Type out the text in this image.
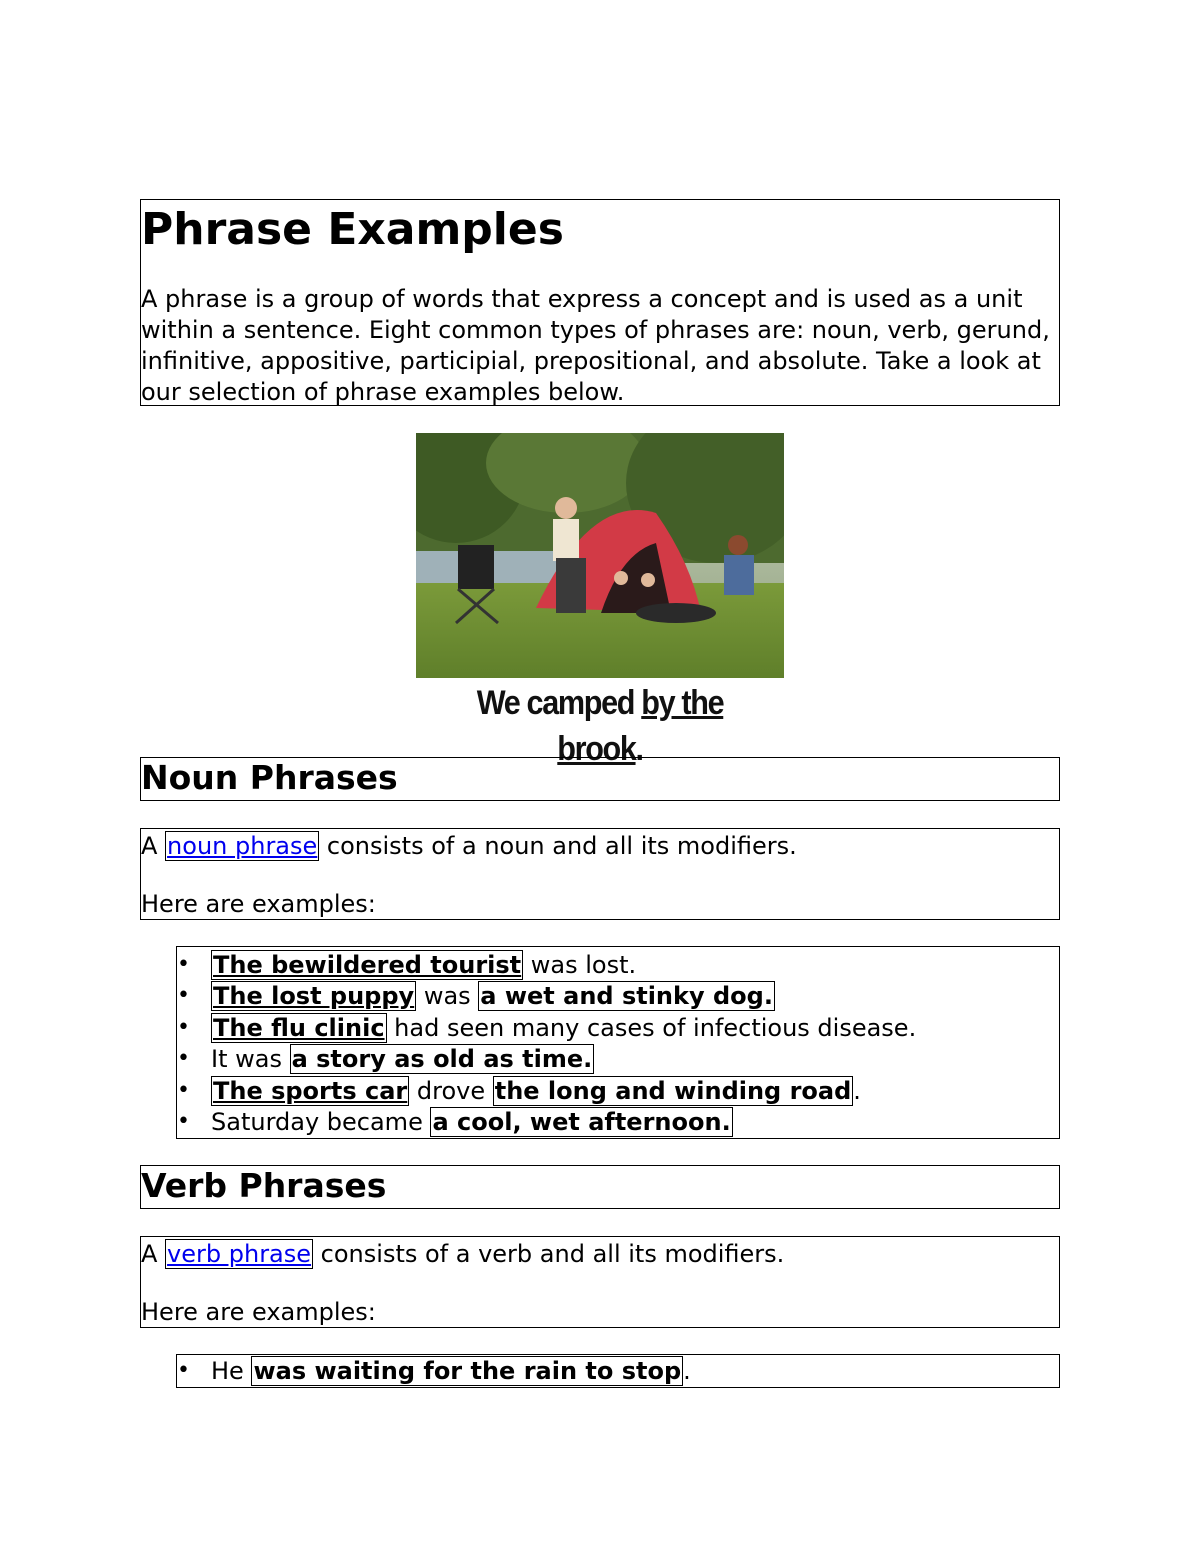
Phrase Examples

A phrase is a group of words that express a concept and is used as a unit within a sentence. Eight common types of phrases are: noun, verb, gerund, infinitive, appositive, participial, prepositional, and absolute. Take a look at our selection of phrase examples below.

We camped by the brook.
Noun Phrases

A noun phrase consists of a noun and all its modifiers.

Here are examples:

• The bewildered tourist was lost.
• The lost puppy was a wet and stinky dog.
• The flu clinic had seen many cases of infectious disease.
• It was a story as old as time.
• The sports car drove the long and winding road.
• Saturday became a cool, wet afternoon.
Verb Phrases

A verb phrase consists of a verb and all its modifiers.

Here are examples:

• He was waiting for the rain to stop.
